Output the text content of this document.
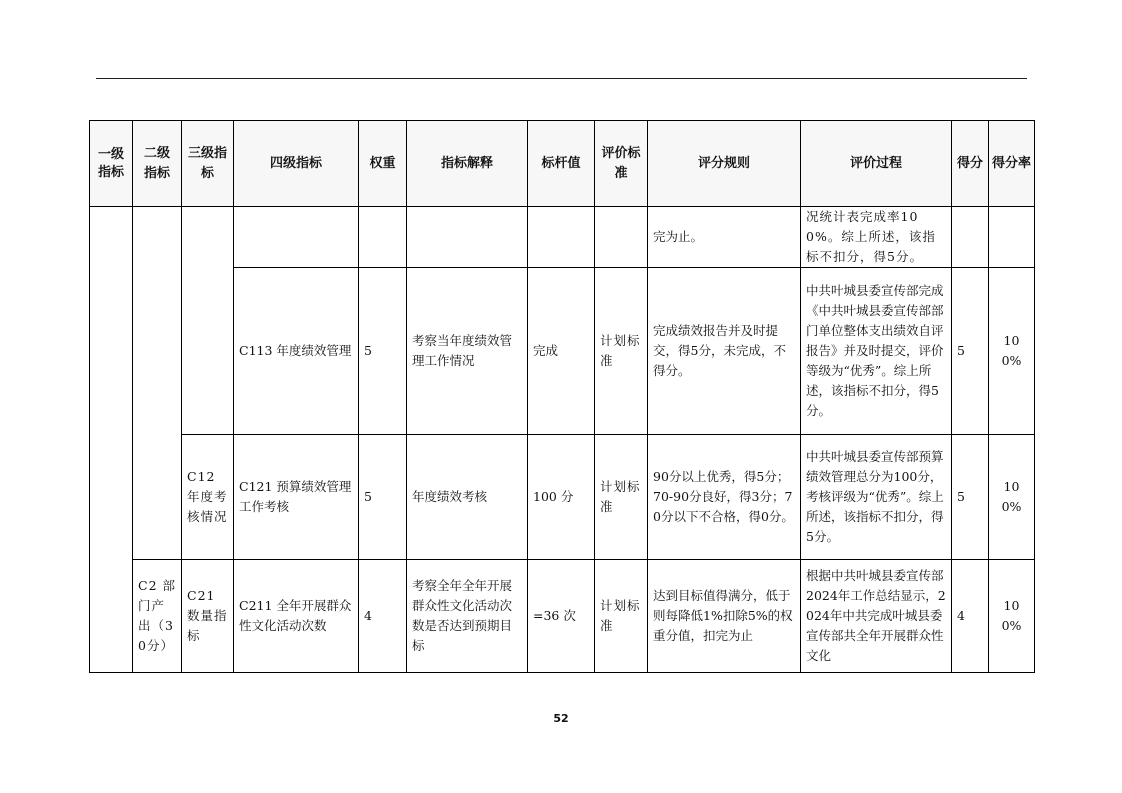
一级指标	二级指标	三级指标	四级指标	权重	指标解释	标杆值	评价标准	评分规则	评价过程	得分	得分率
								完为止。	况统计表完成率100%。综上所述，该指标不扣分，得5分。		
			C113 年度绩效管理	5	考察当年度绩效管理工作情况	完成	计划标准	完成绩效报告并及时提交，得5分，未完成，不得分。	中共叶城县委宣传部完成《中共叶城县委宣传部部门单位整体支出绩效自评报告》并及时提交，评价等级为“优秀”。综上所述，该指标不扣分，得5分。	5	100%
		C12 年度考核情况	C121 预算绩效管理工作考核	5	年度绩效考核	100 分	计划标准	90分以上优秀，得5分；70-90分良好，得3分；70分以下不合格，得0分。	中共叶城县委宣传部预算绩效管理总分为100分，考核评级为“优秀”。综上所述，该指标不扣分，得5分。	5	100%
	C2 部门产出（30分）	C21 数量指标	C211 全年开展群众性文化活动次数	4	考察全年全年开展群众性文化活动次数是否达到预期目标	=36 次	计划标准	达到目标值得满分，低于则每降低1%扣除5%的权重分值，扣完为止	根据中共叶城县委宣传部2024年工作总结显示，2024年中共完成叶城县委宣传部共全年开展群众性文化	4	100%
52
